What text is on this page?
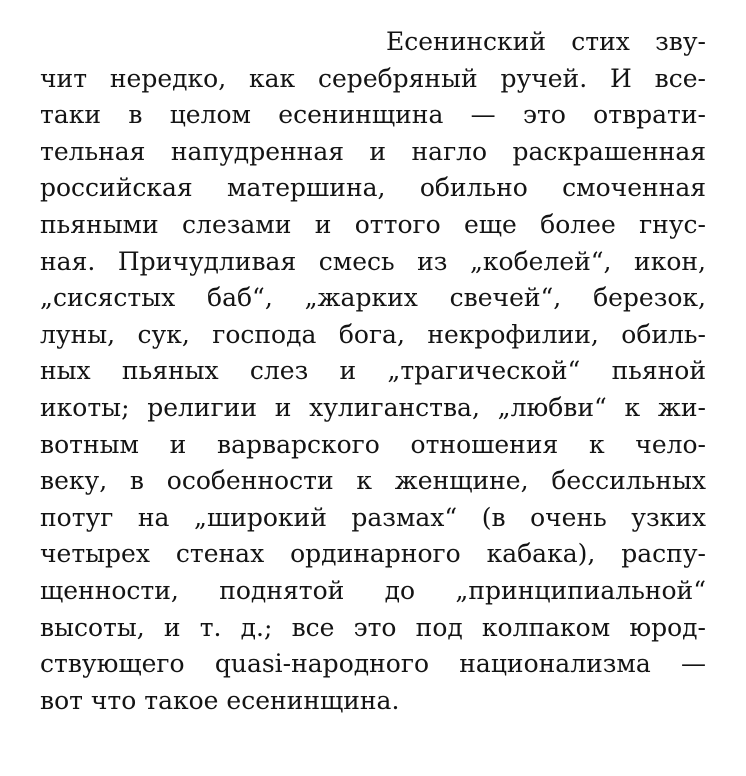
Есенинский стих зву-
чит нередко, как серебряный ручей. И все-
таки в целом есенинщина — это отврати-
тельная напудренная и нагло раскрашенная
российская матершина, обильно смоченная
пьяными слезами и оттого еще более гнус-
ная. Причудливая смесь из „кобелей“, икон,
„сисястых баб“, „жарких свечей“, березок,
луны, сук, господа бога, некрофилии, обиль-
ных пьяных слез и „трагической“ пьяной
икоты; религии и хулиганства, „любви“ к жи-
вотным и варварского отношения к чело-
веку, в особенности к женщине, бессильных
потуг на „широкий размах“ (в очень узких
четырех стенах ординарного кабака), распу-
щенности, поднятой до „принципиальной“
высоты, и т. д.; все это под колпаком юрод-
ствующего quasi-народного национализма —
вот что такое есенинщина.
